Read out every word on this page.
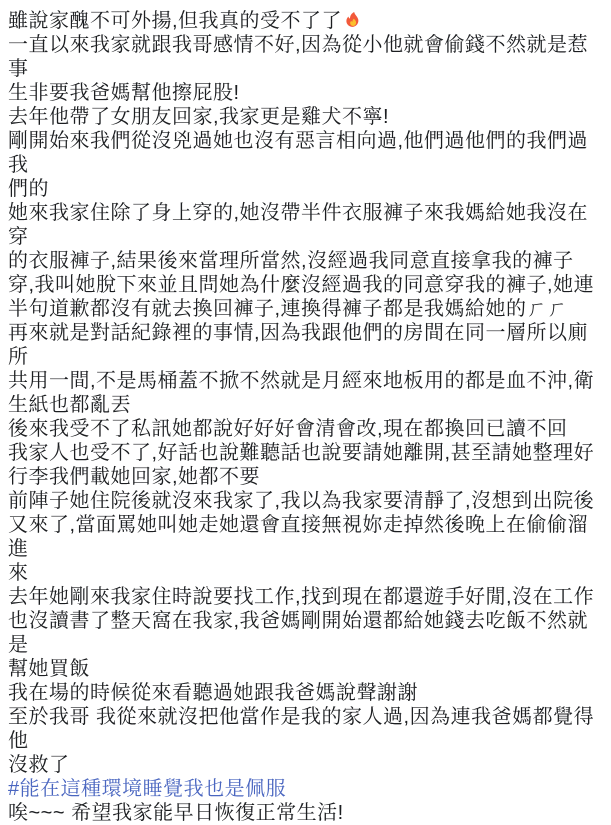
雖說家醜不可外揚,但我真的受不了了
一直以來我家就跟我哥感情不好,因為從小他就會偷錢不然就是惹事
生非要我爸媽幫他擦屁股!
去年他帶了女朋友回家,我家更是雞犬不寧!
剛開始來我們從沒兇過她也沒有惡言相向過,他們過他們的我們過我
們的
她來我家住除了身上穿的,她沒帶半件衣服褲子來我媽給她我沒在穿
的衣服褲子,結果後來當理所當然,沒經過我同意直接拿我的褲子
穿,我叫她脫下來並且問她為什麼沒經過我的同意穿我的褲子,她連
半句道歉都沒有就去換回褲子,連換得褲子都是我媽給她的ㄏㄏ
再來就是對話紀錄裡的事情,因為我跟他們的房間在同一層所以廁所
共用一間,不是馬桶蓋不掀不然就是月經來地板用的都是血不沖,衛
生紙也都亂丟
後來我受不了私訊她都說好好好會清會改,現在都換回已讀不回
我家人也受不了,好話也說難聽話也說要請她離開,甚至請她整理好
行李我們載她回家,她都不要
前陣子她住院後就沒來我家了,我以為我家要清靜了,沒想到出院後
又來了,當面罵她叫她走她還會直接無視妳走掉然後晚上在偷偷溜進
來
去年她剛來我家住時說要找工作,找到現在都還遊手好閒,沒在工作
也沒讀書了整天窩在我家,我爸媽剛開始還都給她錢去吃飯不然就是
幫她買飯
我在場的時候從來看聽過她跟我爸媽說聲謝謝
至於我哥 我從來就沒把他當作是我的家人過,因為連我爸媽都覺得他
沒救了
#能在這種環境睡覺我也是佩服
唉~~~ 希望我家能早日恢復正常生活!
